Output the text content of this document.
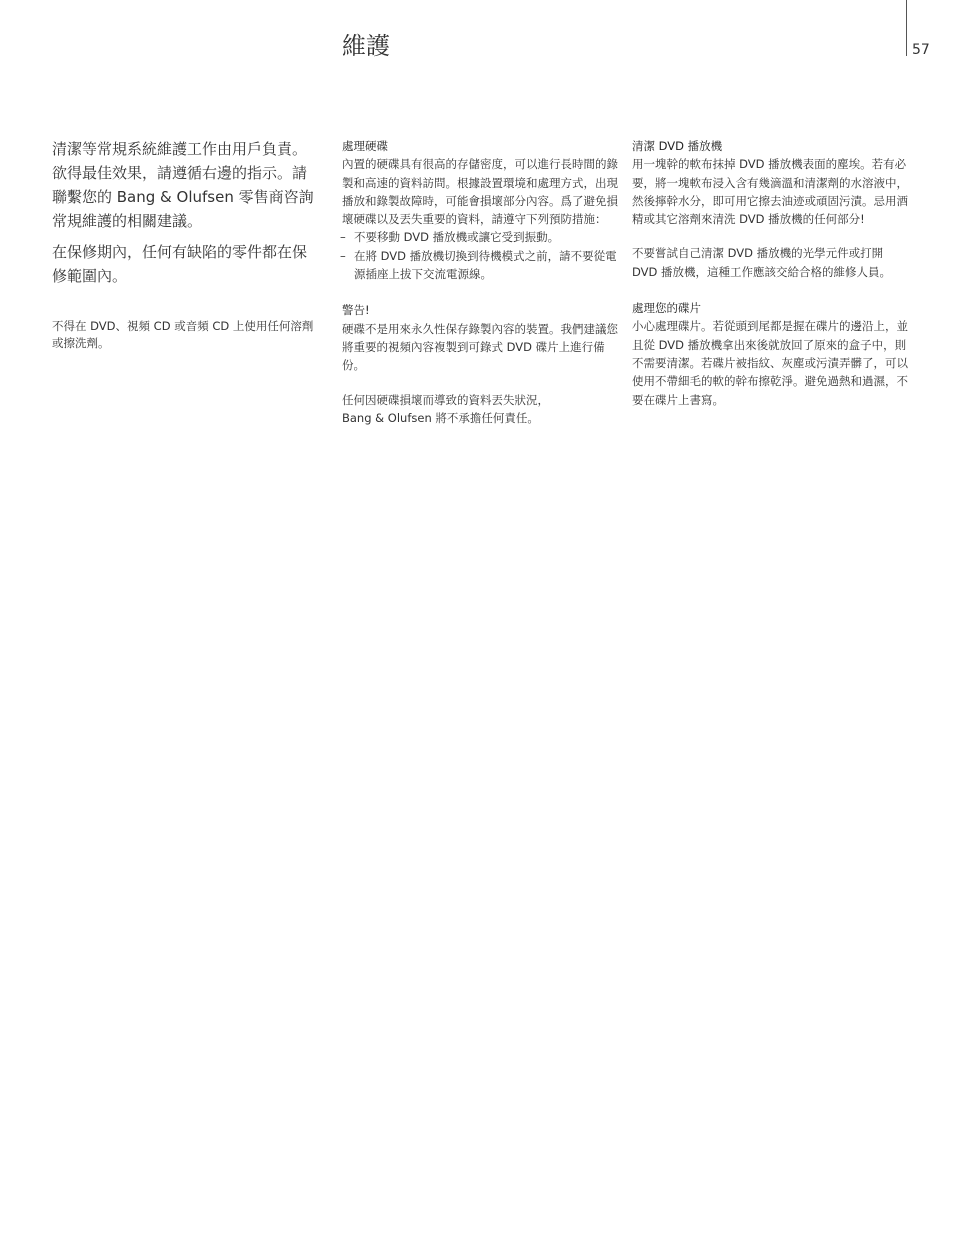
維護	57

清潔等常規系統維護工作由用戶負責。欲得最佳效果，請遵循右邊的指示。請聯繫您的 Bang & Olufsen 零售商咨詢常規維護的相關建議。

在保修期內，任何有缺陷的零件都在保修範圍內。

不得在 DVD、視頻 CD 或音頻 CD 上使用任何溶劑或擦洗劑。

處理硬碟

內置的硬碟具有很高的存儲密度，可以進行長時間的錄製和高速的資料訪問。根據設置環境和處理方式，出現播放和錄製故障時，可能會損壞部分內容。爲了避免損壞硬碟以及丟失重要的資料，請遵守下列預防措施：

– 不要移動 DVD 播放機或讓它受到振動。
– 在將 DVD 播放機切換到待機模式之前，請不要從電源插座上拔下交流電源線。

警告!

硬碟不是用來永久性保存錄製內容的裝置。我們建議您將重要的視頻內容複製到可錄式 DVD 碟片上進行備份。

任何因硬碟損壞而導致的資料丟失狀況，

Bang & Olufsen 將不承擔任何責任。

清潔 DVD 播放機

用一塊幹的軟布抹掉 DVD 播放機表面的塵埃。若有必要，將一塊軟布浸入含有幾滴溫和清潔劑的水溶液中，然後擰幹水分，即可用它擦去油迹或頑固污漬。忌用酒精或其它溶劑來清洗 DVD 播放機的任何部分!

不要嘗試自己清潔 DVD 播放機的光學元件或打開 DVD 播放機，這種工作應該交給合格的維修人員。

處理您的碟片

小心處理碟片。若從頭到尾都是握在碟片的邊沿上，並且從 DVD 播放機拿出來後就放回了原來的盒子中，則不需要清潔。若碟片被指紋、灰塵或污漬弄髒了，可以使用不帶細毛的軟的幹布擦乾淨。避免過熱和過濕，不要在碟片上書寫。
